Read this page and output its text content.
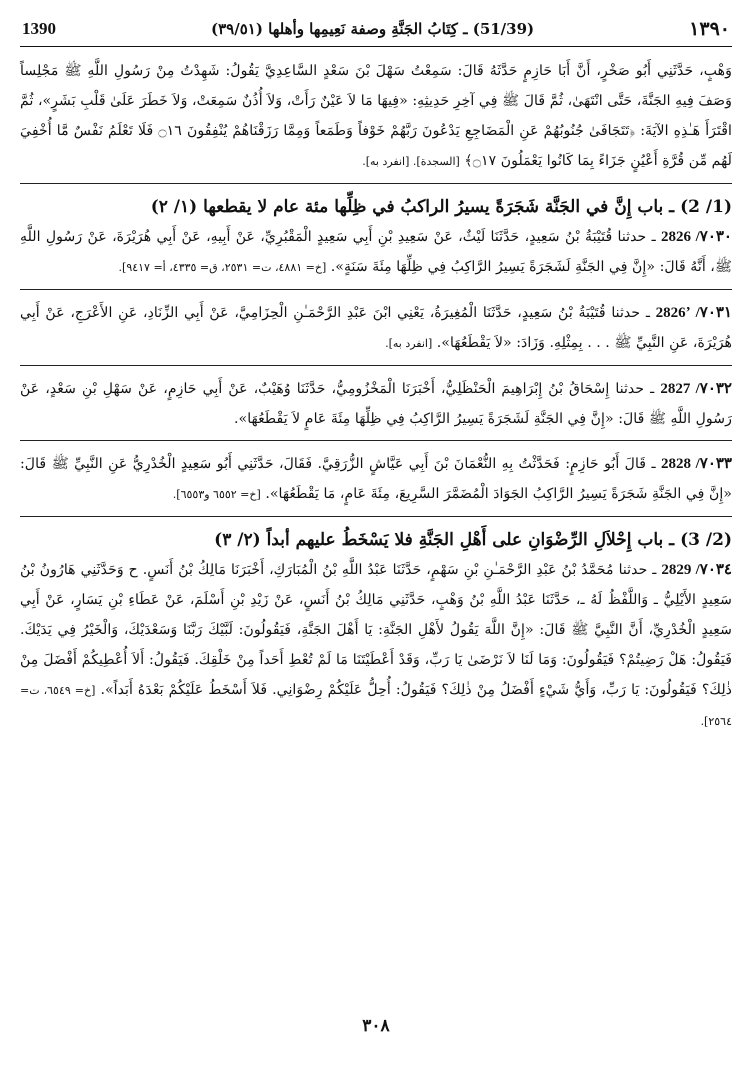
1390	(51/39) ـ كِتَابُ الجَنَّةِ وصفة نَعِيمِها وأهلها (٣٩/٥١)	١٣٩٠

وَهْبٍ، حَدَّثَنِي أَبُو صَخْرٍ، أَنَّ أَبَا حَازِمٍ حَدَّثَهُ قَالَ: سَمِعْتُ سَهْلَ بْنَ سَعْدٍ السَّاعِدِيَّ يَقُولُ: شَهِدْتُ مِنْ رَسُولِ اللَّهِ ﷺ مَجْلِساً وَصَفَ فِيهِ الجَنَّةَ، حَتَّى انْتَهَىٰ، ثُمَّ قَالَ ﷺ فِي آخِرِ حَدِيثِهِ: «فِيهَا مَا لاَ عَيْنٌ رَأَتْ، وَلاَ أُذُنٌ سَمِعَتْ، وَلاَ خَطَرَ عَلَىٰ قَلْبِ بَشَرٍ»، ثُمَّ اقْتَرَأَ هَـٰذِهِ الآيَةَ: ﴿تَتَجَافَىٰ جُنُوبُهُمْ عَنِ الْمَضَاجِعِ يَدْعُونَ رَبَّهُمْ خَوْفاً وَطَمَعاً وَمِمَّا رَزَقْنَاهُمْ يُنْفِقُونَ ۝١٦ فَلَا تَعْلَمُ نَفْسٌ مَّا أُخْفِيَ لَهُم مِّن قُرَّةِ أَعْيُنٍ جَزَاءً بِمَا كَانُوا يَعْمَلُونَ ۝١٧﴾ [السجدة]. [انفرد به].

(1/ 2) ـ باب إِنَّ في الجَنَّة شَجَرَةً يسيرُ الراكبُ في ظِلِّها مئة عام لا يقطعها (١/ ٢)

٧٠٣٠/ 2826 ـ حدثنا قُتَيْبَةُ بْنُ سَعِيدٍ، حَدَّثَنَا لَيْثٌ، عَنْ سَعِيدِ بْنِ أَبِي سَعِيدٍ الْمَقْبُرِيِّ، عَنْ أَبِيهِ، عَنْ أَبِي هُرَيْرَةَ، عَنْ رَسُولِ اللَّهِ ﷺ، أَنَّهُ قَالَ: «إِنَّ فِي الجَنَّةِ لَشَجَرَةً يَسِيرُ الرَّاكِبُ فِي ظِلِّهَا مِئَةَ سَنَةٍ». [خ= ٤٨٨١، ت= ٢٥٣١، ق= ٤٣٣٥، أ= ٩٤١٧].

٧٠٣١/ 2826ʼ ـ حدثنا قُتَيْبَةُ بْنُ سَعِيدٍ، حَدَّثَنَا الْمُغِيرَةُ، يَعْنِي ابْنَ عَبْدِ الرَّحْمَـٰنِ الْحِزَامِيَّ، عَنْ أَبِي الزِّنَادِ، عَنِ الأَعْرَجِ، عَنْ أَبِي هُرَيْرَةَ، عَنِ النَّبِيِّ ﷺ . . . بِمِثْلِهِ. وَزَادَ: «لاَ يَقْطَعُهَا». [انفرد به].

٧٠٣٢/ 2827 ـ حدثنا إِسْحَاقُ بْنُ إِبْرَاهِيمَ الْحَنْظَلِيُّ، أَخْبَرَنَا الْمَخْزُومِيُّ، حَدَّثَنَا وُهَيْبٌ، عَنْ أَبِي حَازِمٍ، عَنْ سَهْلِ بْنِ سَعْدٍ، عَنْ رَسُولِ اللَّهِ ﷺ قَالَ: «إِنَّ فِي الجَنَّةِ لَشَجَرَةً يَسِيرُ الرَّاكِبُ فِي ظِلِّهَا مِئَةَ عَامٍ لاَ يَقْطَعُهَا».

٧٠٣٣/ 2828 ـ قَالَ أَبُو حَازِمٍ: فَحَدَّثْتُ بِهِ النُّعْمَانَ بْنَ أَبِي عَيَّاشٍ الزُّرَقِيَّ. فَقَالَ، حَدَّثَنِي أَبُو سَعِيدٍ الْخُدْرِيُّ عَنِ النَّبِيِّ ﷺ قَالَ: «إِنَّ فِي الجَنَّةِ شَجَرَةً يَسِيرُ الرَّاكِبُ الجَوَادَ الْمُضَمَّرَ السَّرِيعَ، مِئَةَ عَامٍ، مَا يَقْطَعُهَا». [خ= ٦٥٥٢ و٦٥٥٣].

(2/ 3) ـ باب إِحْلاَلِ الرِّضْوَانِ على أَهْلِ الجَنَّةِ فلا يَسْخَطُ عليهم أبداً (٢/ ٣)

٧٠٣٤/ 2829 ـ حدثنا مُحَمَّدُ بْنُ عَبْدِ الرَّحْمَـٰنِ بْنِ سَهْمٍ، حَدَّثَنَا عَبْدُ اللَّهِ بْنُ الْمُبَارَكِ، أَخْبَرَنَا مَالِكُ بْنُ أَنَسٍ. ح وَحَدَّثَنِي هَارُونُ بْنُ سَعِيدٍ الأَيْلِيُّ ـ وَاللَّفْظُ لَهُ ـ، حَدَّثَنَا عَبْدُ اللَّهِ بْنُ وَهْبٍ، حَدَّثَنِي مَالِكُ بْنُ أَنَسٍ، عَنْ زَيْدِ بْنِ أَسْلَمَ، عَنْ عَطَاءِ بْنِ يَسَارٍ، عَنْ أَبِي سَعِيدٍ الْخُدْرِيِّ، أَنَّ النَّبِيَّ ﷺ قَالَ: «إِنَّ اللَّهَ يَقُولُ لأَهْلِ الجَنَّةِ: يَا أَهْلَ الجَنَّةِ، فَيَقُولُونَ: لَبَّيْكَ رَبَّنَا وَسَعْدَيْكَ، وَالْخَيْرُ فِي يَدَيْكَ. فَيَقُولُ: هَلْ رَضِيتُمْ؟ فَيَقُولُونَ: وَمَا لَنَا لاَ نَرْضَىٰ يَا رَبِّ، وَقَدْ أَعْطَيْتَنَا مَا لَمْ تُعْطِ أَحَداً مِنْ خَلْقِكَ. فَيَقُولُ: أَلاَ أُعْطِيكُمْ أَفْضَلَ مِنْ ذٰلِكَ؟ فَيَقُولُونَ: يَا رَبِّ، وَأَيُّ شَيْءٍ أَفْضَلُ مِنْ ذٰلِكَ؟ فَيَقُولُ: أُحِلُّ عَلَيْكُمْ رِضْوَانِي. فَلاَ أَسْخَطُ عَلَيْكُمْ بَعْدَهُ أَبَداً». [خ= ٦٥٤٩، ت= ٢٥٦٤].

٣٠٨
